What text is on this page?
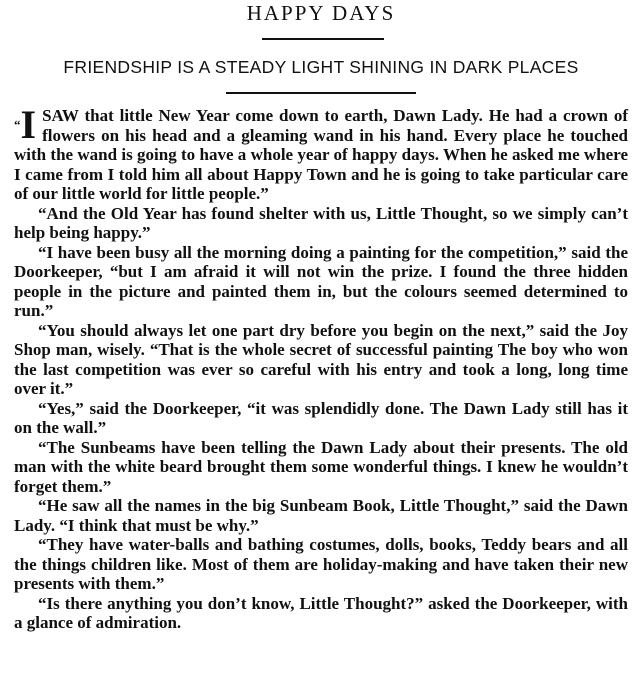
HAPPY DAYS
FRIENDSHIP IS A STEADY LIGHT SHINING IN DARK PLACES

“I SAW that little New Year come down to earth, Dawn Lady. He had a crown of flowers on his head and a gleaming wand in his hand. Every place he touched with the wand is going to have a whole year of happy days. When he asked me where I came from I told him all about Happy Town and he is going to take particular care of our little world for little people.”

“And the Old Year has found shelter with us, Little Thought, so we simply can’t help being happy.”

“I have been busy all the morning doing a painting for the competition,” said the Doorkeeper, “but I am afraid it will not win the prize. I found the three hidden people in the picture and painted them in, but the colours seemed determined to run.”

“You should always let one part dry before you begin on the next,” said the Joy Shop man, wisely. “That is the whole secret of successful painting The boy who won the last competition was ever so careful with his entry and took a long, long time over it.”

“Yes,” said the Doorkeeper, “it was splendidly done. The Dawn Lady still has it on the wall.”

“The Sunbeams have been telling the Dawn Lady about their presents. The old man with the white beard brought them some wonderful things. I knew he wouldn’t forget them.”

“He saw all the names in the big Sunbeam Book, Little Thought,” said the Dawn Lady. “I think that must be why.”

“They have water-balls and bathing costumes, dolls, books, Teddy bears and all the things children like. Most of them are holiday-making and have taken their new presents with them.”

“Is there anything you don’t know, Little Thought?” asked the Doorkeeper, with a glance of admiration.
